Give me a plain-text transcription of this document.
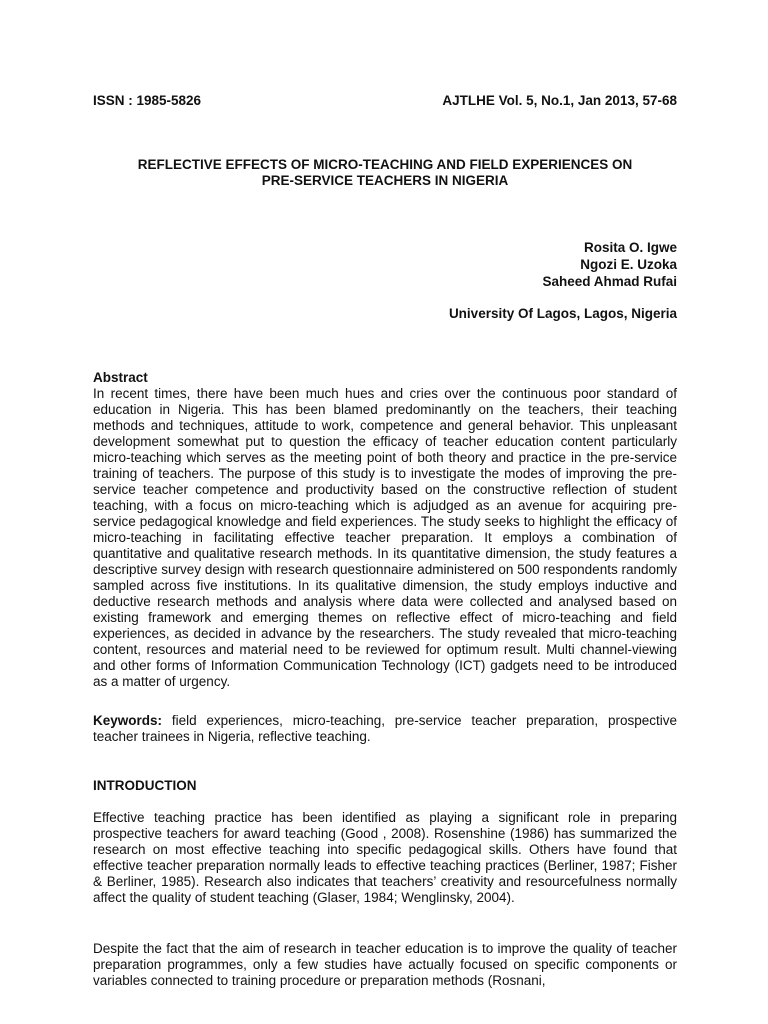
ISSN : 1985-5826	AJTLHE Vol. 5, No.1, Jan 2013, 57-68
REFLECTIVE EFFECTS OF MICRO-TEACHING AND FIELD EXPERIENCES ON
PRE-SERVICE TEACHERS IN NIGERIA
Rosita O. Igwe
Ngozi E. Uzoka
Saheed Ahmad Rufai
University Of Lagos, Lagos, Nigeria
Abstract
In recent times, there have been much hues and cries over the continuous poor standard of education in Nigeria. This has been blamed predominantly on the teachers, their teaching methods and techniques, attitude to work, competence and general behavior. This unpleasant development somewhat put to question the efficacy of teacher education content particularly micro-teaching which serves as the meeting point of both theory and practice in the pre-service training of teachers. The purpose of this study is to investigate the modes of improving the pre-service teacher competence and productivity based on the constructive reflection of student teaching, with a focus on micro-teaching which is adjudged as an avenue for acquiring pre-service pedagogical knowledge and field experiences. The study seeks to highlight the efficacy of micro-teaching in facilitating effective teacher preparation. It employs a combination of quantitative and qualitative research methods. In its quantitative dimension, the study features a descriptive survey design with research questionnaire administered on 500 respondents randomly sampled across five institutions. In its qualitative dimension, the study employs inductive and deductive research methods and analysis where data were collected and analysed based on existing framework and emerging themes on reflective effect of micro-teaching and field experiences, as decided in advance by the researchers. The study revealed that micro-teaching content, resources and material need to be reviewed for optimum result. Multi channel-viewing and other forms of Information Communication Technology (ICT) gadgets need to be introduced as a matter of urgency.
Keywords: field experiences, micro-teaching, pre-service teacher preparation, prospective teacher trainees in Nigeria, reflective teaching.
INTRODUCTION
Effective teaching practice has been identified as playing a significant role in preparing prospective teachers for award teaching (Good , 2008). Rosenshine (1986) has summarized the research on most effective teaching into specific pedagogical skills. Others have found that effective teacher preparation normally leads to effective teaching practices (Berliner, 1987; Fisher & Berliner, 1985). Research also indicates that teachers’ creativity and resourcefulness normally affect the quality of student teaching (Glaser, 1984; Wenglinsky, 2004).
Despite the fact that the aim of research in teacher education is to improve the quality of teacher preparation programmes, only a few studies have actually focused on specific components or variables connected to training procedure or preparation methods (Rosnani,
